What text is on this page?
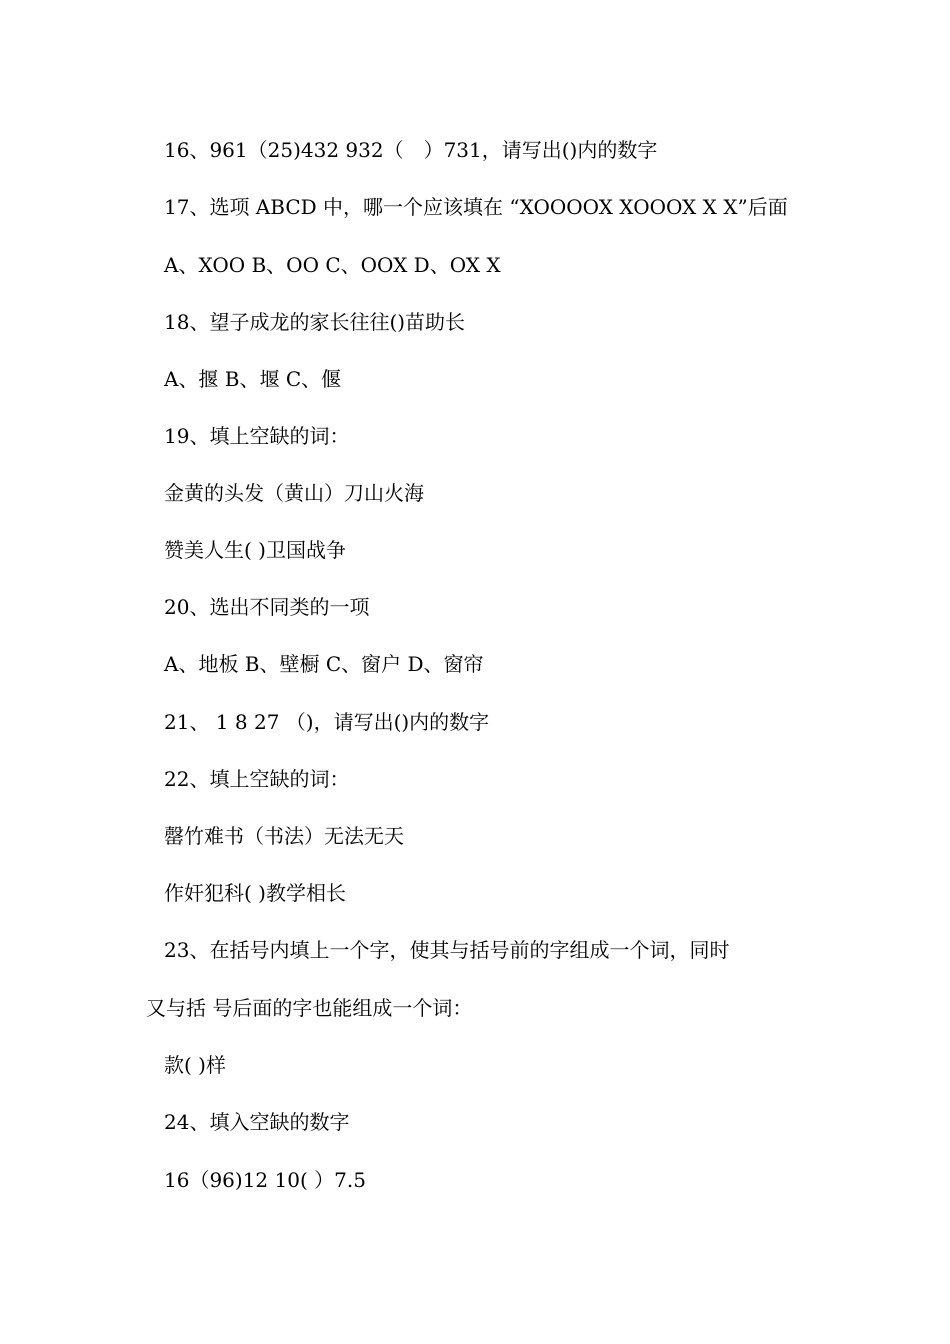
16、961（25)432 932（　）731，请写出()内的数字

17、选项 ABCD 中，哪一个应该填在 “XOOOOX XOOOX X X”后面

A、XOO B、OO C、OOX D、OX X

18、望子成龙的家长往往()苗助长

A、揠 B、堰 C、偃

19、填上空缺的词：

金黄的头发（黄山）刀山火海

赞美人生( )卫国战争

20、选出不同类的一项

A、地板 B、壁橱 C、窗户 D、窗帘

21、 1 8 27 （)，请写出()内的数字

22、填上空缺的词：

罄竹难书（书法）无法无天

作奸犯科( )教学相长

23、在括号内填上一个字，使其与括号前的字组成一个词，同时

又与括 号后面的字也能组成一个词：

款( )样

24、填入空缺的数字

16（96)12 10( ）7.5
